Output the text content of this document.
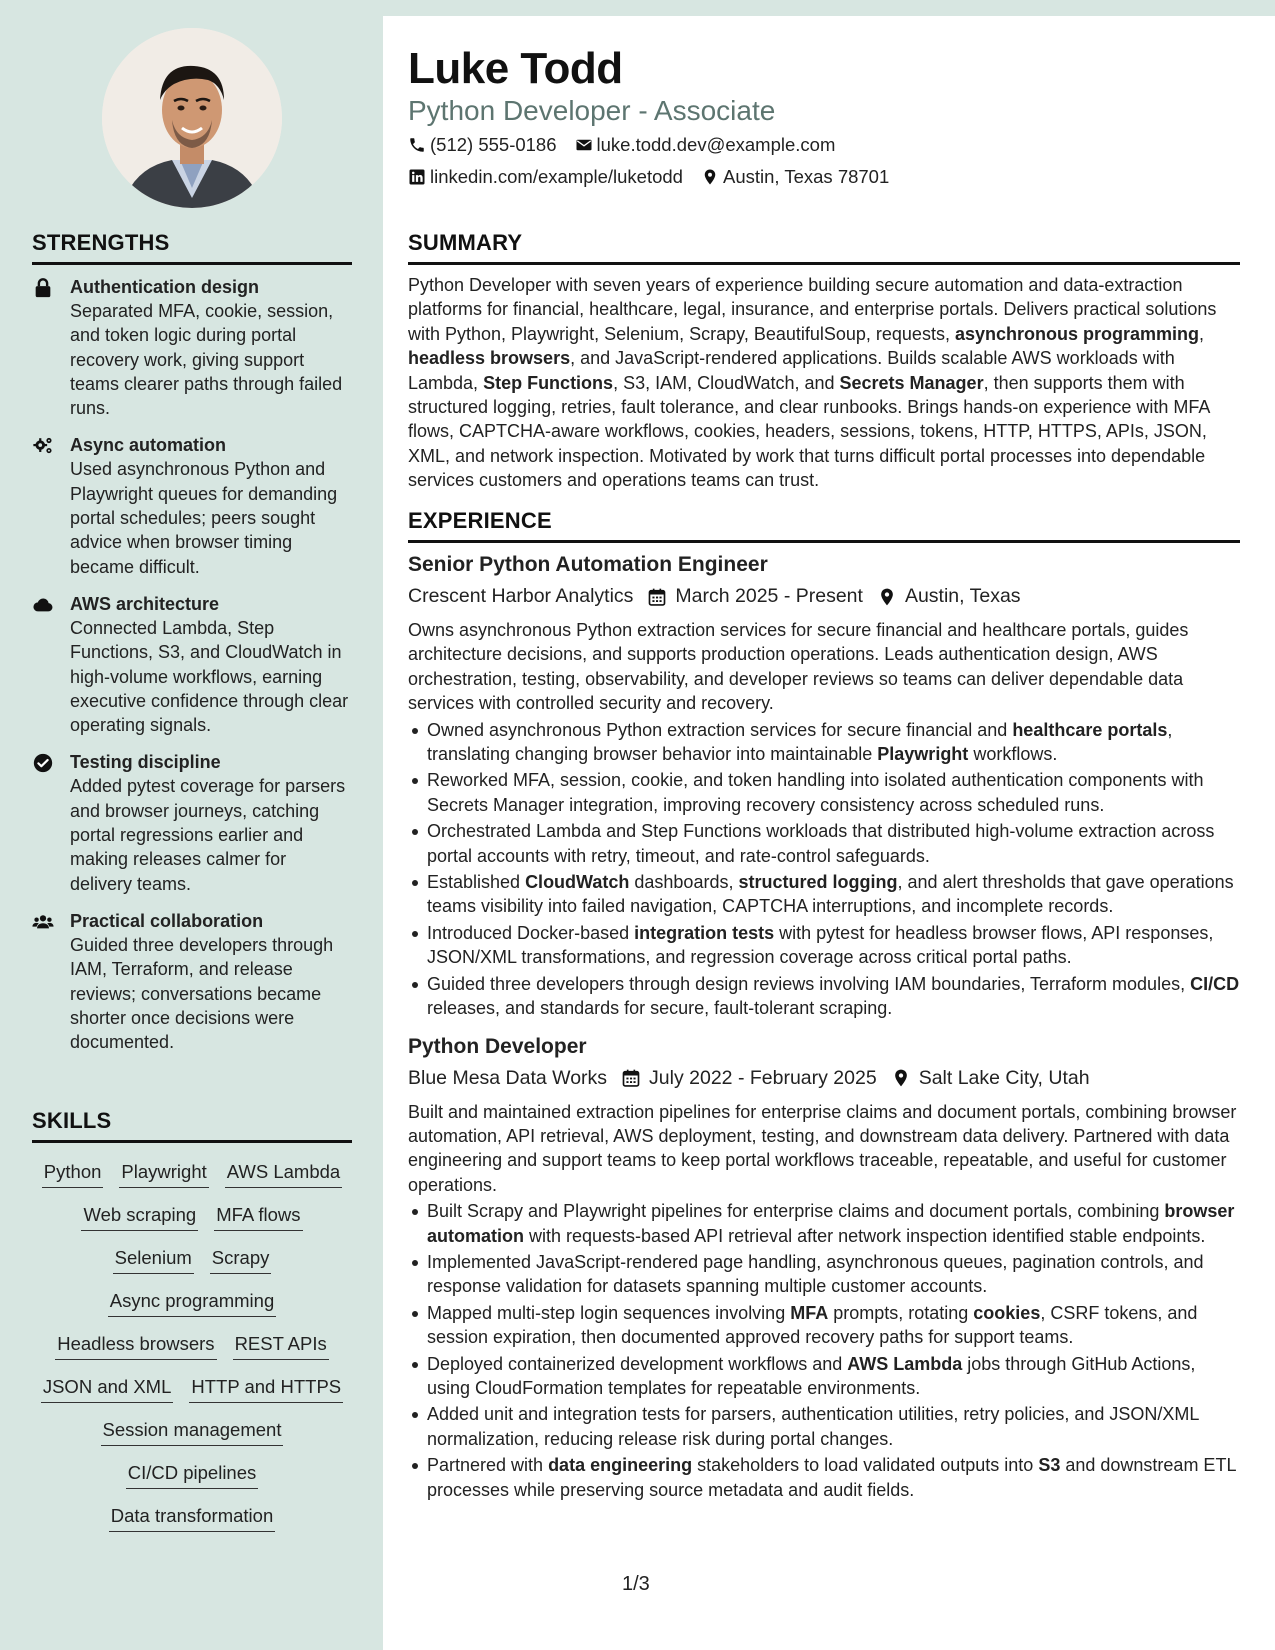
STRENGTHS
Authentication design
Separated MFA, cookie, session, and token logic during portal recovery work, giving support teams clearer paths through failed runs.
Async automation
Used asynchronous Python and Playwright queues for demanding portal schedules; peers sought advice when browser timing became difficult.
AWS architecture
Connected Lambda, Step Functions, S3, and CloudWatch in high-volume workflows, earning executive confidence through clear operating signals.
Testing discipline
Added pytest coverage for parsers and browser journeys, catching portal regressions earlier and making releases calmer for delivery teams.
Practical collaboration
Guided three developers through IAM, Terraform, and release reviews; conversations became shorter once decisions were documented.
SKILLS
Python Playwright AWS Lambda
Web scraping MFA flows
Selenium Scrapy
Async programming
Headless browsers REST APIs
JSON and XML HTTP and HTTPS
Session management
CI/CD pipelines
Data transformation
Luke Todd
Python Developer - Associate
(512) 555-0186 luke.todd.dev@example.com
linkedin.com/example/luketodd Austin, Texas 78701
SUMMARY
Python Developer with seven years of experience building secure automation and data-extraction platforms for financial, healthcare, legal, insurance, and enterprise portals. Delivers practical solutions with Python, Playwright, Selenium, Scrapy, BeautifulSoup, requests, asynchronous programming, headless browsers, and JavaScript-rendered applications. Builds scalable AWS workloads with Lambda, Step Functions, S3, IAM, CloudWatch, and Secrets Manager, then supports them with structured logging, retries, fault tolerance, and clear runbooks. Brings hands-on experience with MFA flows, CAPTCHA-aware workflows, cookies, headers, sessions, tokens, HTTP, HTTPS, APIs, JSON, XML, and network inspection. Motivated by work that turns difficult portal processes into dependable services customers and operations teams can trust.
EXPERIENCE
Senior Python Automation Engineer
Crescent Harbor Analytics March 2025 - Present Austin, Texas
Owns asynchronous Python extraction services for secure financial and healthcare portals, guides architecture decisions, and supports production operations. Leads authentication design, AWS orchestration, testing, observability, and developer reviews so teams can deliver dependable data services with controlled security and recovery.
Owned asynchronous Python extraction services for secure financial and healthcare portals, translating changing browser behavior into maintainable Playwright workflows.
Reworked MFA, session, cookie, and token handling into isolated authentication components with Secrets Manager integration, improving recovery consistency across scheduled runs.
Orchestrated Lambda and Step Functions workloads that distributed high-volume extraction across portal accounts with retry, timeout, and rate-control safeguards.
Established CloudWatch dashboards, structured logging, and alert thresholds that gave operations teams visibility into failed navigation, CAPTCHA interruptions, and incomplete records.
Introduced Docker-based integration tests with pytest for headless browser flows, API responses, JSON/XML transformations, and regression coverage across critical portal paths.
Guided three developers through design reviews involving IAM boundaries, Terraform modules, CI/CD releases, and standards for secure, fault-tolerant scraping.
Python Developer
Blue Mesa Data Works July 2022 - February 2025 Salt Lake City, Utah
Built and maintained extraction pipelines for enterprise claims and document portals, combining browser automation, API retrieval, AWS deployment, testing, and downstream data delivery. Partnered with data engineering and support teams to keep portal workflows traceable, repeatable, and useful for customer operations.
Built Scrapy and Playwright pipelines for enterprise claims and document portals, combining browser automation with requests-based API retrieval after network inspection identified stable endpoints.
Implemented JavaScript-rendered page handling, asynchronous queues, pagination controls, and response validation for datasets spanning multiple customer accounts.
Mapped multi-step login sequences involving MFA prompts, rotating cookies, CSRF tokens, and session expiration, then documented approved recovery paths for support teams.
Deployed containerized development workflows and AWS Lambda jobs through GitHub Actions, using CloudFormation templates for repeatable environments.
Added unit and integration tests for parsers, authentication utilities, retry policies, and JSON/XML normalization, reducing release risk during portal changes.
Partnered with data engineering stakeholders to load validated outputs into S3 and downstream ETL processes while preserving source metadata and audit fields.
1/3
